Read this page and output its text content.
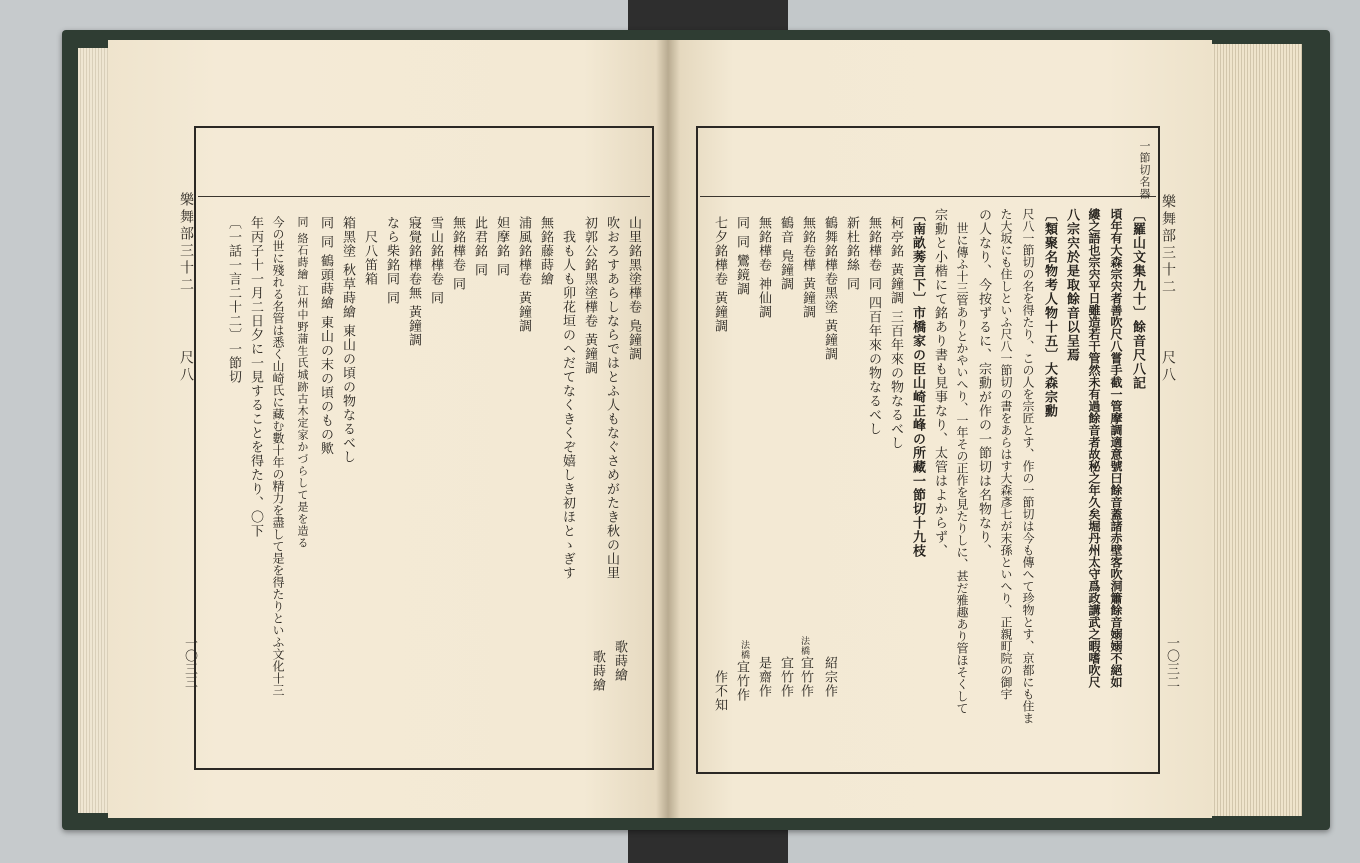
樂舞部三十二
尺八
一〇三三
山里銘黑塗樺卷 鳬鐘調
吹おろすあらしならではとふ人もなぐさめがたき秋の山里
初郭公銘黑塗樺卷 黃鐘調
我も人も卯花垣のへだてなくきくぞ嬉しき初ほとゝぎす
無銘藤蒔繪
浦風銘樺卷 黃鐘調
妲摩銘 同
此君銘 同
無銘樺卷 同
雪山銘樺卷 同
寢覺銘樺卷無 黃鐘調
なら柴銘同 同
尺八笛箱
箱黑塗 秋草蒔繪 東山の頃の物なるべし
同 同 鶴頭蒔繪 東山の末の頃のもの歟
同 絡石蒔繪 江州中野蒲生氏城跡古木定家かづらして是を造る
今の世に殘れる名管は悉く山崎氏に藏む數十年の精力を盡して是を得たりといふ文化十三
年丙子十一月二日夕に一見することを得たり、〇下
〔一話一言二十二〕一節切
歌蒔繪
歌蒔繪
一節切名器
樂舞部三十二
尺八
一〇三二
〔羅山文集九十〕餘音尺八記
頃年有大森宗宍者善吹尺八嘗手截一管摩調適意號曰餘音蓋諸赤壁客吹洞簫餘音嫋嫋不絕如
縷之語也宗宍平日雖造若干管然未有過餘音者故秘之年久矣堀丹州太守爲政講武之暇嗜吹尺
八宗宍於是取餘音以呈焉
〔類聚名物考人物十五〕大森宗勳
尺八一節切の名を得たり、この人を宗匠とす、作の一節切は今も傳へて珍物とす、京都にも住ま
た大坂にも住しといふ尺八一節切の書をあらはす大森彥七が末孫といへり、正親町院の御宇
の人なり、今按ずるに、宗勳が作の一節切は名物なり、
世に傳ふ十三管ありとかやいへり、一年その正作を見たりしに、甚だ雅趣あり管ほそくして
宗勳と小楷にて銘あり書も見事なり、太管はよからず、
〔南畝莠言下〕市橋家の臣山崎正峰の所藏一節切十九枝
柯亭銘 黃鐘調 三百年來の物なるべし
無銘樺卷 同 四百年來の物なるべし
新杜銘絲 同
鶴舞銘樺卷黑塗 黃鐘調
無銘卷樺 黃鐘調
鶴音 鳬鐘調
無銘樺卷 神仙調
同 同 鸞鏡調
七夕銘樺卷 黃鐘調
紹宗作
法橋
宜竹作
宜竹作
是齋作
法橋
宜竹作
作不知
